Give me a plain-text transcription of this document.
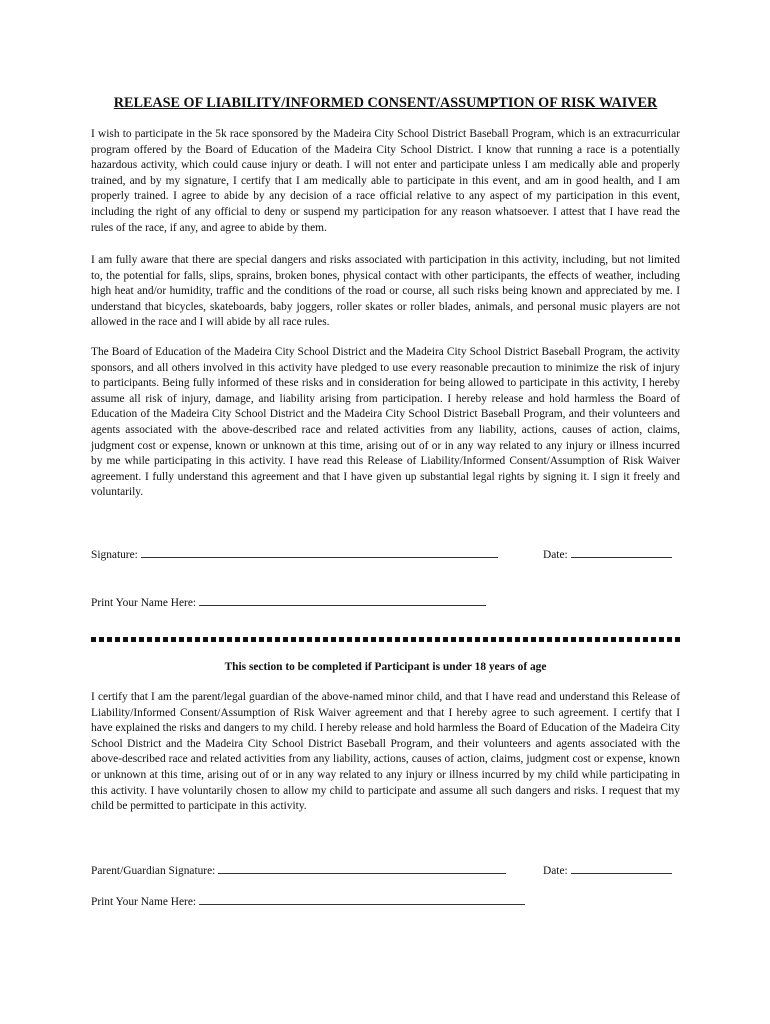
RELEASE OF LIABILITY/INFORMED CONSENT/ASSUMPTION OF RISK WAIVER

I wish to participate in the 5k race sponsored by the Madeira City School District Baseball Program, which is an extracurricular program offered by the Board of Education of the Madeira City School District. I know that running a race is a potentially hazardous activity, which could cause injury or death. I will not enter and participate unless I am medically able and properly trained, and by my signature, I certify that I am medically able to participate in this event, and am in good health, and I am properly trained. I agree to abide by any decision of a race official relative to any aspect of my participation in this event, including the right of any official to deny or suspend my participation for any reason whatsoever. I attest that I have read the rules of the race, if any, and agree to abide by them.

I am fully aware that there are special dangers and risks associated with participation in this activity, including, but not limited to, the potential for falls, slips, sprains, broken bones, physical contact with other participants, the effects of weather, including high heat and/or humidity, traffic and the conditions of the road or course, all such risks being known and appreciated by me. I understand that bicycles, skateboards, baby joggers, roller skates or roller blades, animals, and personal music players are not allowed in the race and I will abide by all race rules.

The Board of Education of the Madeira City School District and the Madeira City School District Baseball Program, the activity sponsors, and all others involved in this activity have pledged to use every reasonable precaution to minimize the risk of injury to participants. Being fully informed of these risks and in consideration for being allowed to participate in this activity, I hereby assume all risk of injury, damage, and liability arising from participation. I hereby release and hold harmless the Board of Education of the Madeira City School District and the Madeira City School District Baseball Program, and their volunteers and agents associated with the above-described race and related activities from any liability, actions, causes of action, claims, judgment cost or expense, known or unknown at this time, arising out of or in any way related to any injury or illness incurred by me while participating in this activity. I have read this Release of Liability/Informed Consent/Assumption of Risk Waiver agreement. I fully understand this agreement and that I have given up substantial legal rights by signing it. I sign it freely and voluntarily.

Signature:	Date:
Print Your Name Here:
This section to be completed if Participant is under 18 years of age

I certify that I am the parent/legal guardian of the above-named minor child, and that I have read and understand this Release of Liability/Informed Consent/Assumption of Risk Waiver agreement and that I hereby agree to such agreement. I certify that I have explained the risks and dangers to my child. I hereby release and hold harmless the Board of Education of the Madeira City School District and the Madeira City School District Baseball Program, and their volunteers and agents associated with the above-described race and related activities from any liability, actions, causes of action, claims, judgment cost or expense, known or unknown at this time, arising out of or in any way related to any injury or illness incurred by my child while participating in this activity. I have voluntarily chosen to allow my child to participate and assume all such dangers and risks. I request that my child be permitted to participate in this activity.

Parent/Guardian Signature:	Date:
Print Your Name Here:
